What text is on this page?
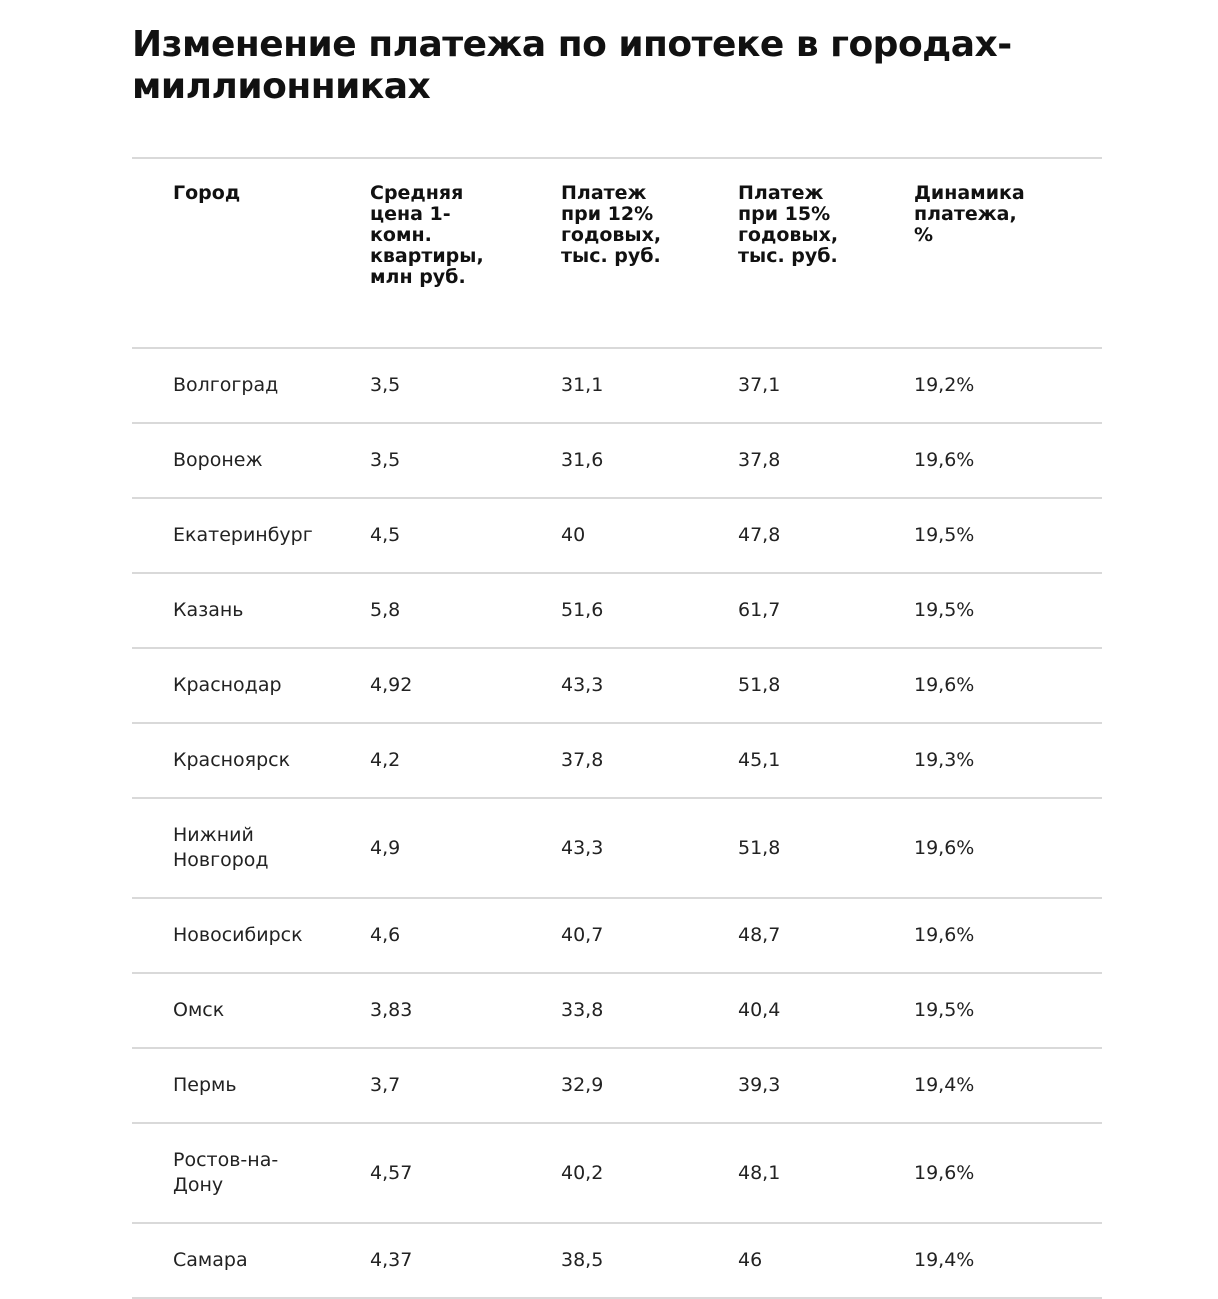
Изменение платежа по ипотеке в городах-миллионниках
Город	Средняя
цена 1-
комн.
квартиры,
млн руб.	Платеж
при 12%
годовых,
тыс. руб.	Платеж
при 15%
годовых,
тыс. руб.	Динамика
платежа,
%
Волгоград	3,5	31,1	37,1	19,2%
Воронеж	3,5	31,6	37,8	19,6%
Екатеринбург	4,5	40	47,8	19,5%
Казань	5,8	51,6	61,7	19,5%
Краснодар	4,92	43,3	51,8	19,6%
Красноярск	4,2	37,8	45,1	19,3%
Нижний
Новгород	4,9	43,3	51,8	19,6%
Новосибирск	4,6	40,7	48,7	19,6%
Омск	3,83	33,8	40,4	19,5%
Пермь	3,7	32,9	39,3	19,4%
Ростов-на-
Дону	4,57	40,2	48,1	19,6%
Самара	4,37	38,5	46	19,4%
